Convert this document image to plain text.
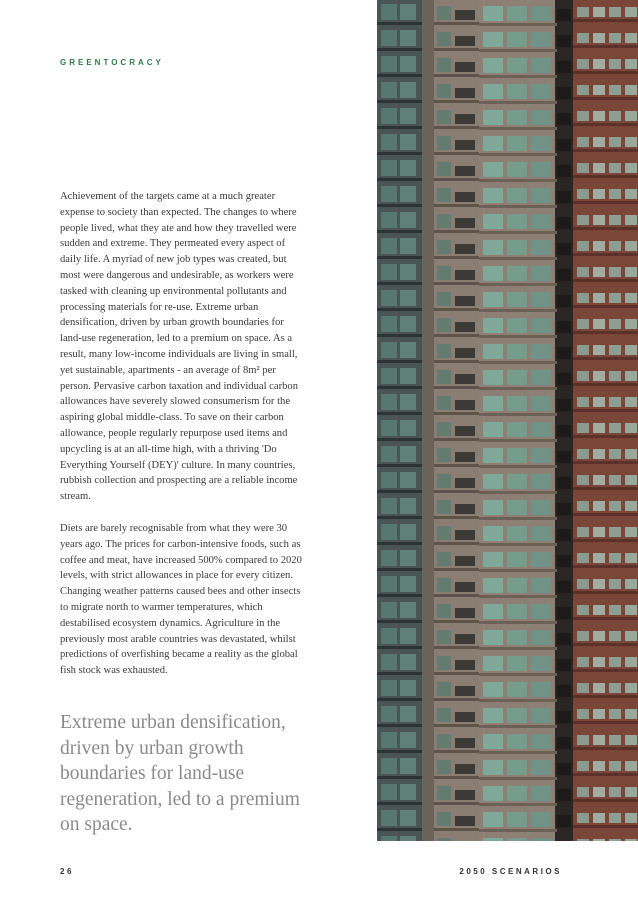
GREENTOCRACY

Achievement of the targets came at a much greater expense to society than expected. The changes to where people lived, what they ate and how they travelled were sudden and extreme. They permeated every aspect of daily life. A myriad of new job types was created, but most were dangerous and undesirable, as workers were tasked with cleaning up environmental pollutants and processing materials for re-use. Extreme urban densification, driven by urban growth boundaries for land-use regeneration, led to a premium on space. As a result, many low-income individuals are living in small, yet sustainable, apartments - an average of 8m² per person. Pervasive carbon taxation and individual carbon allowances have severely slowed consumerism for the aspiring global middle-class. To save on their carbon allowance, people regularly repurpose used items and upcycling is at an all-time high, with a thriving 'Do Everything Yourself (DEY)' culture. In many countries, rubbish collection and prospecting are a reliable income stream.

Diets are barely recognisable from what they were 30 years ago. The prices for carbon-intensive foods, such as coffee and meat, have increased 500% compared to 2020 levels, with strict allowances in place for every citizen. Changing weather patterns caused bees and other insects to migrate north to warmer temperatures, which destabilised ecosystem dynamics. Agriculture in the previously most arable countries was devastated, whilst predictions of overfishing became a reality as the global fish stock was exhausted.

Extreme urban densification, driven by urban growth boundaries for land-use regeneration, led to a premium on space.
26	2050 SCENARIOS
